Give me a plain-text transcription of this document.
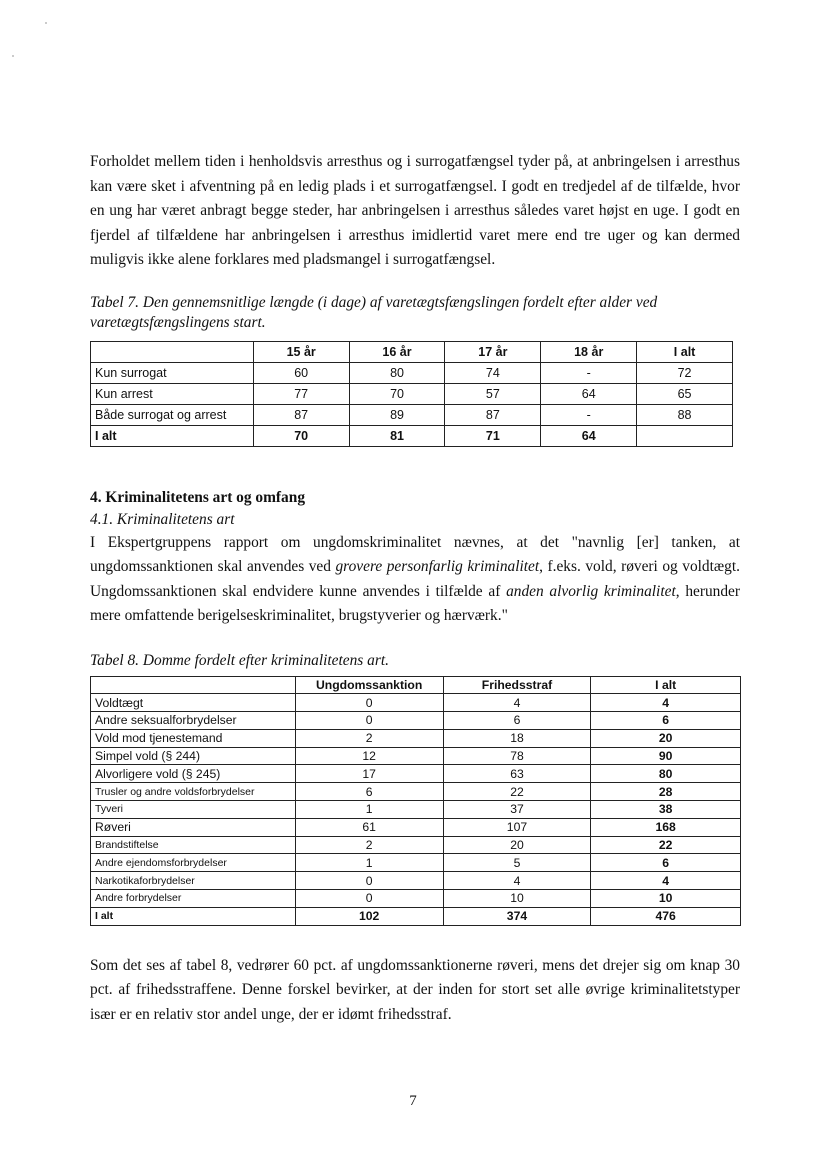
Forholdet mellem tiden i henholdsvis arresthus og i surrogatfængsel tyder på, at anbringelsen i arresthus kan være sket i afventning på en ledig plads i et surrogatfængsel. I godt en tredjedel af de tilfælde, hvor en ung har været anbragt begge steder, har anbringelsen i arresthus således varet højst en uge. I godt en fjerdel af tilfældene har anbringelsen i arresthus imidlertid varet mere end tre uger og kan dermed muligvis ikke alene forklares med pladsmangel i surrogatfængsel.

Tabel 7. Den gennemsnitlige længde (i dage) af varetægtsfængslingen fordelt efter alder ved varetægtsfængslingens start.

	15 år	16 år	17 år	18 år	I alt
Kun surrogat	60	80	74	-	72
Kun arrest	77	70	57	64	65
Både surrogat og arrest	87	89	87	-	88
I alt	70	81	71	64	
4. Kriminalitetens art og omfang
4.1. Kriminalitetens art

I Ekspertgruppens rapport om ungdomskriminalitet nævnes, at det "navnlig [er] tanken, at ungdomssanktionen skal anvendes ved grovere personfarlig kriminalitet, f.eks. vold, røveri og voldtægt. Ungdomssanktionen skal endvidere kunne anvendes i tilfælde af anden alvorlig kriminalitet, herunder mere omfattende berigelseskriminalitet, brugstyverier og hærværk."

Tabel 8. Domme fordelt efter kriminalitetens art.

	Ungdomssanktion	Frihedsstraf	I alt
Voldtægt	0	4	4
Andre seksualforbrydelser	0	6	6
Vold mod tjenestemand	2	18	20
Simpel vold (§ 244)	12	78	90
Alvorligere vold (§ 245)	17	63	80
Trusler og andre voldsforbrydelser	6	22	28
Tyveri	1	37	38
Røveri	61	107	168
Brandstiftelse	2	20	22
Andre ejendomsforbrydelser	1	5	6
Narkotikaforbrydelser	0	4	4
Andre forbrydelser	0	10	10
I alt	102	374	476

Som det ses af tabel 8, vedrører 60 pct. af ungdomssanktionerne røveri, mens det drejer sig om knap 30 pct. af frihedsstraffene. Denne forskel bevirker, at der inden for stort set alle øvrige kriminalitetstyper især er en relativ stor andel unge, der er idømt frihedsstraf.

7
